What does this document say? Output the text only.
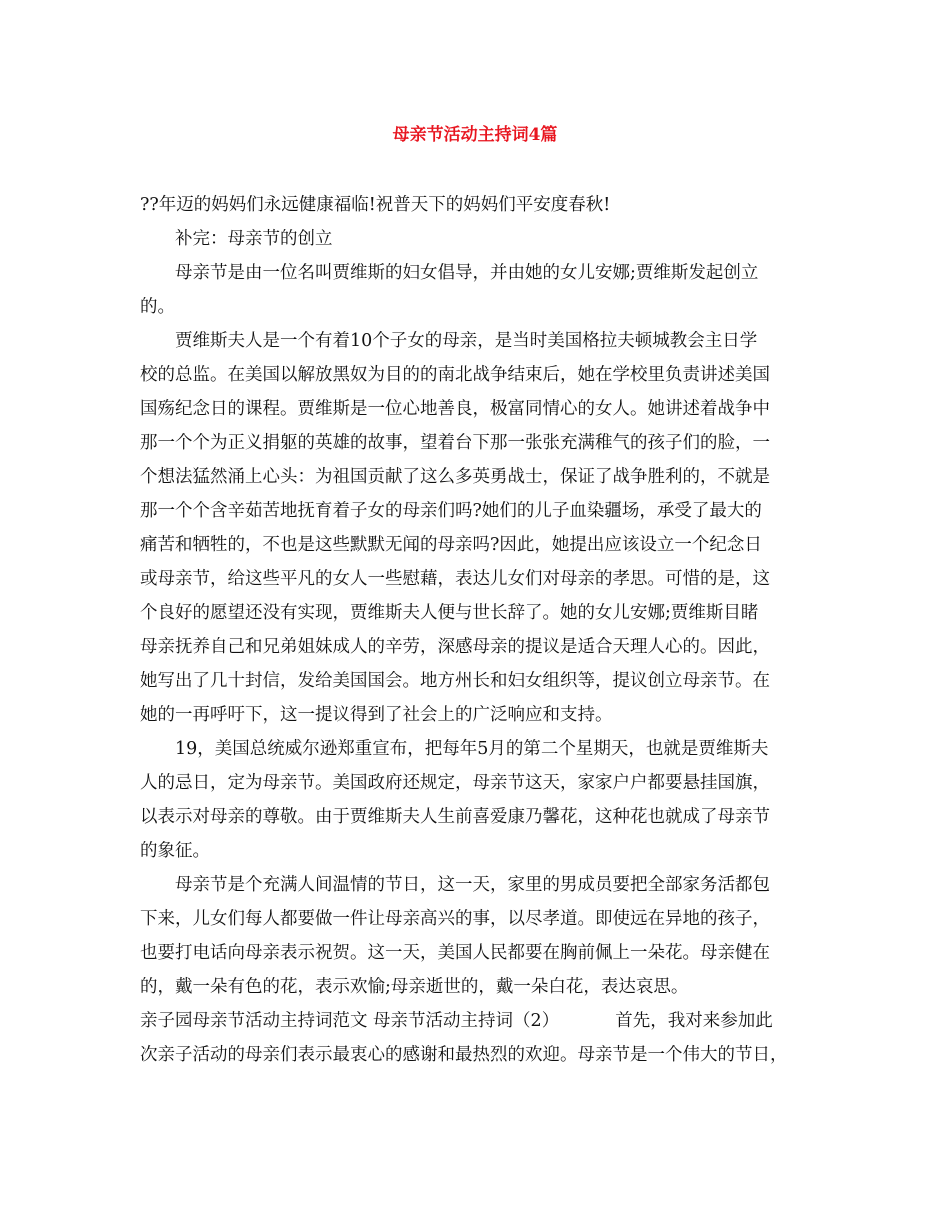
母亲节活动主持词4篇
??年迈的妈妈们永远健康福临!祝普天下的妈妈们平安度春秋!
补完：母亲节的创立
母亲节是由一位名叫贾维斯的妇女倡导，并由她的女儿安娜;贾维斯发起创立
的。
贾维斯夫人是一个有着10个子女的母亲，是当时美国格拉夫顿城教会主日学
校的总监。在美国以解放黑奴为目的的南北战争结束后，她在学校里负责讲述美国
国殇纪念日的课程。贾维斯是一位心地善良，极富同情心的女人。她讲述着战争中
那一个个为正义捐躯的英雄的故事，望着台下那一张张充满稚气的孩子们的脸，一
个想法猛然涌上心头：为祖国贡献了这么多英勇战士，保证了战争胜利的，不就是
那一个个含辛茹苦地抚育着子女的母亲们吗?她们的儿子血染疆场，承受了最大的
痛苦和牺牲的，不也是这些默默无闻的母亲吗?因此，她提出应该设立一个纪念日
或母亲节，给这些平凡的女人一些慰藉，表达儿女们对母亲的孝思。可惜的是，这
个良好的愿望还没有实现，贾维斯夫人便与世长辞了。她的女儿安娜;贾维斯目睹
母亲抚养自己和兄弟姐妹成人的辛劳，深感母亲的提议是适合天理人心的。因此，
她写出了几十封信，发给美国国会。地方州长和妇女组织等，提议创立母亲节。在
她的一再呼吁下，这一提议得到了社会上的广泛响应和支持。
19，美国总统威尔逊郑重宣布，把每年5月的第二个星期天，也就是贾维斯夫
人的忌日，定为母亲节。美国政府还规定，母亲节这天，家家户户都要悬挂国旗，
以表示对母亲的尊敬。由于贾维斯夫人生前喜爱康乃馨花，这种花也就成了母亲节
的象征。
母亲节是个充满人间温情的节日，这一天，家里的男成员要把全部家务活都包
下来，儿女们每人都要做一件让母亲高兴的事，以尽孝道。即使远在异地的孩子，
也要打电话向母亲表示祝贺。这一天，美国人民都要在胸前佩上一朵花。母亲健在
的，戴一朵有色的花，表示欢愉;母亲逝世的，戴一朵白花，表达哀思。
亲子园母亲节活动主持词范文 母亲节活动主持词（2）	首先，我对来参加此
次亲子活动的母亲们表示最衷心的感谢和最热烈的欢迎。母亲节是一个伟大的节日，
